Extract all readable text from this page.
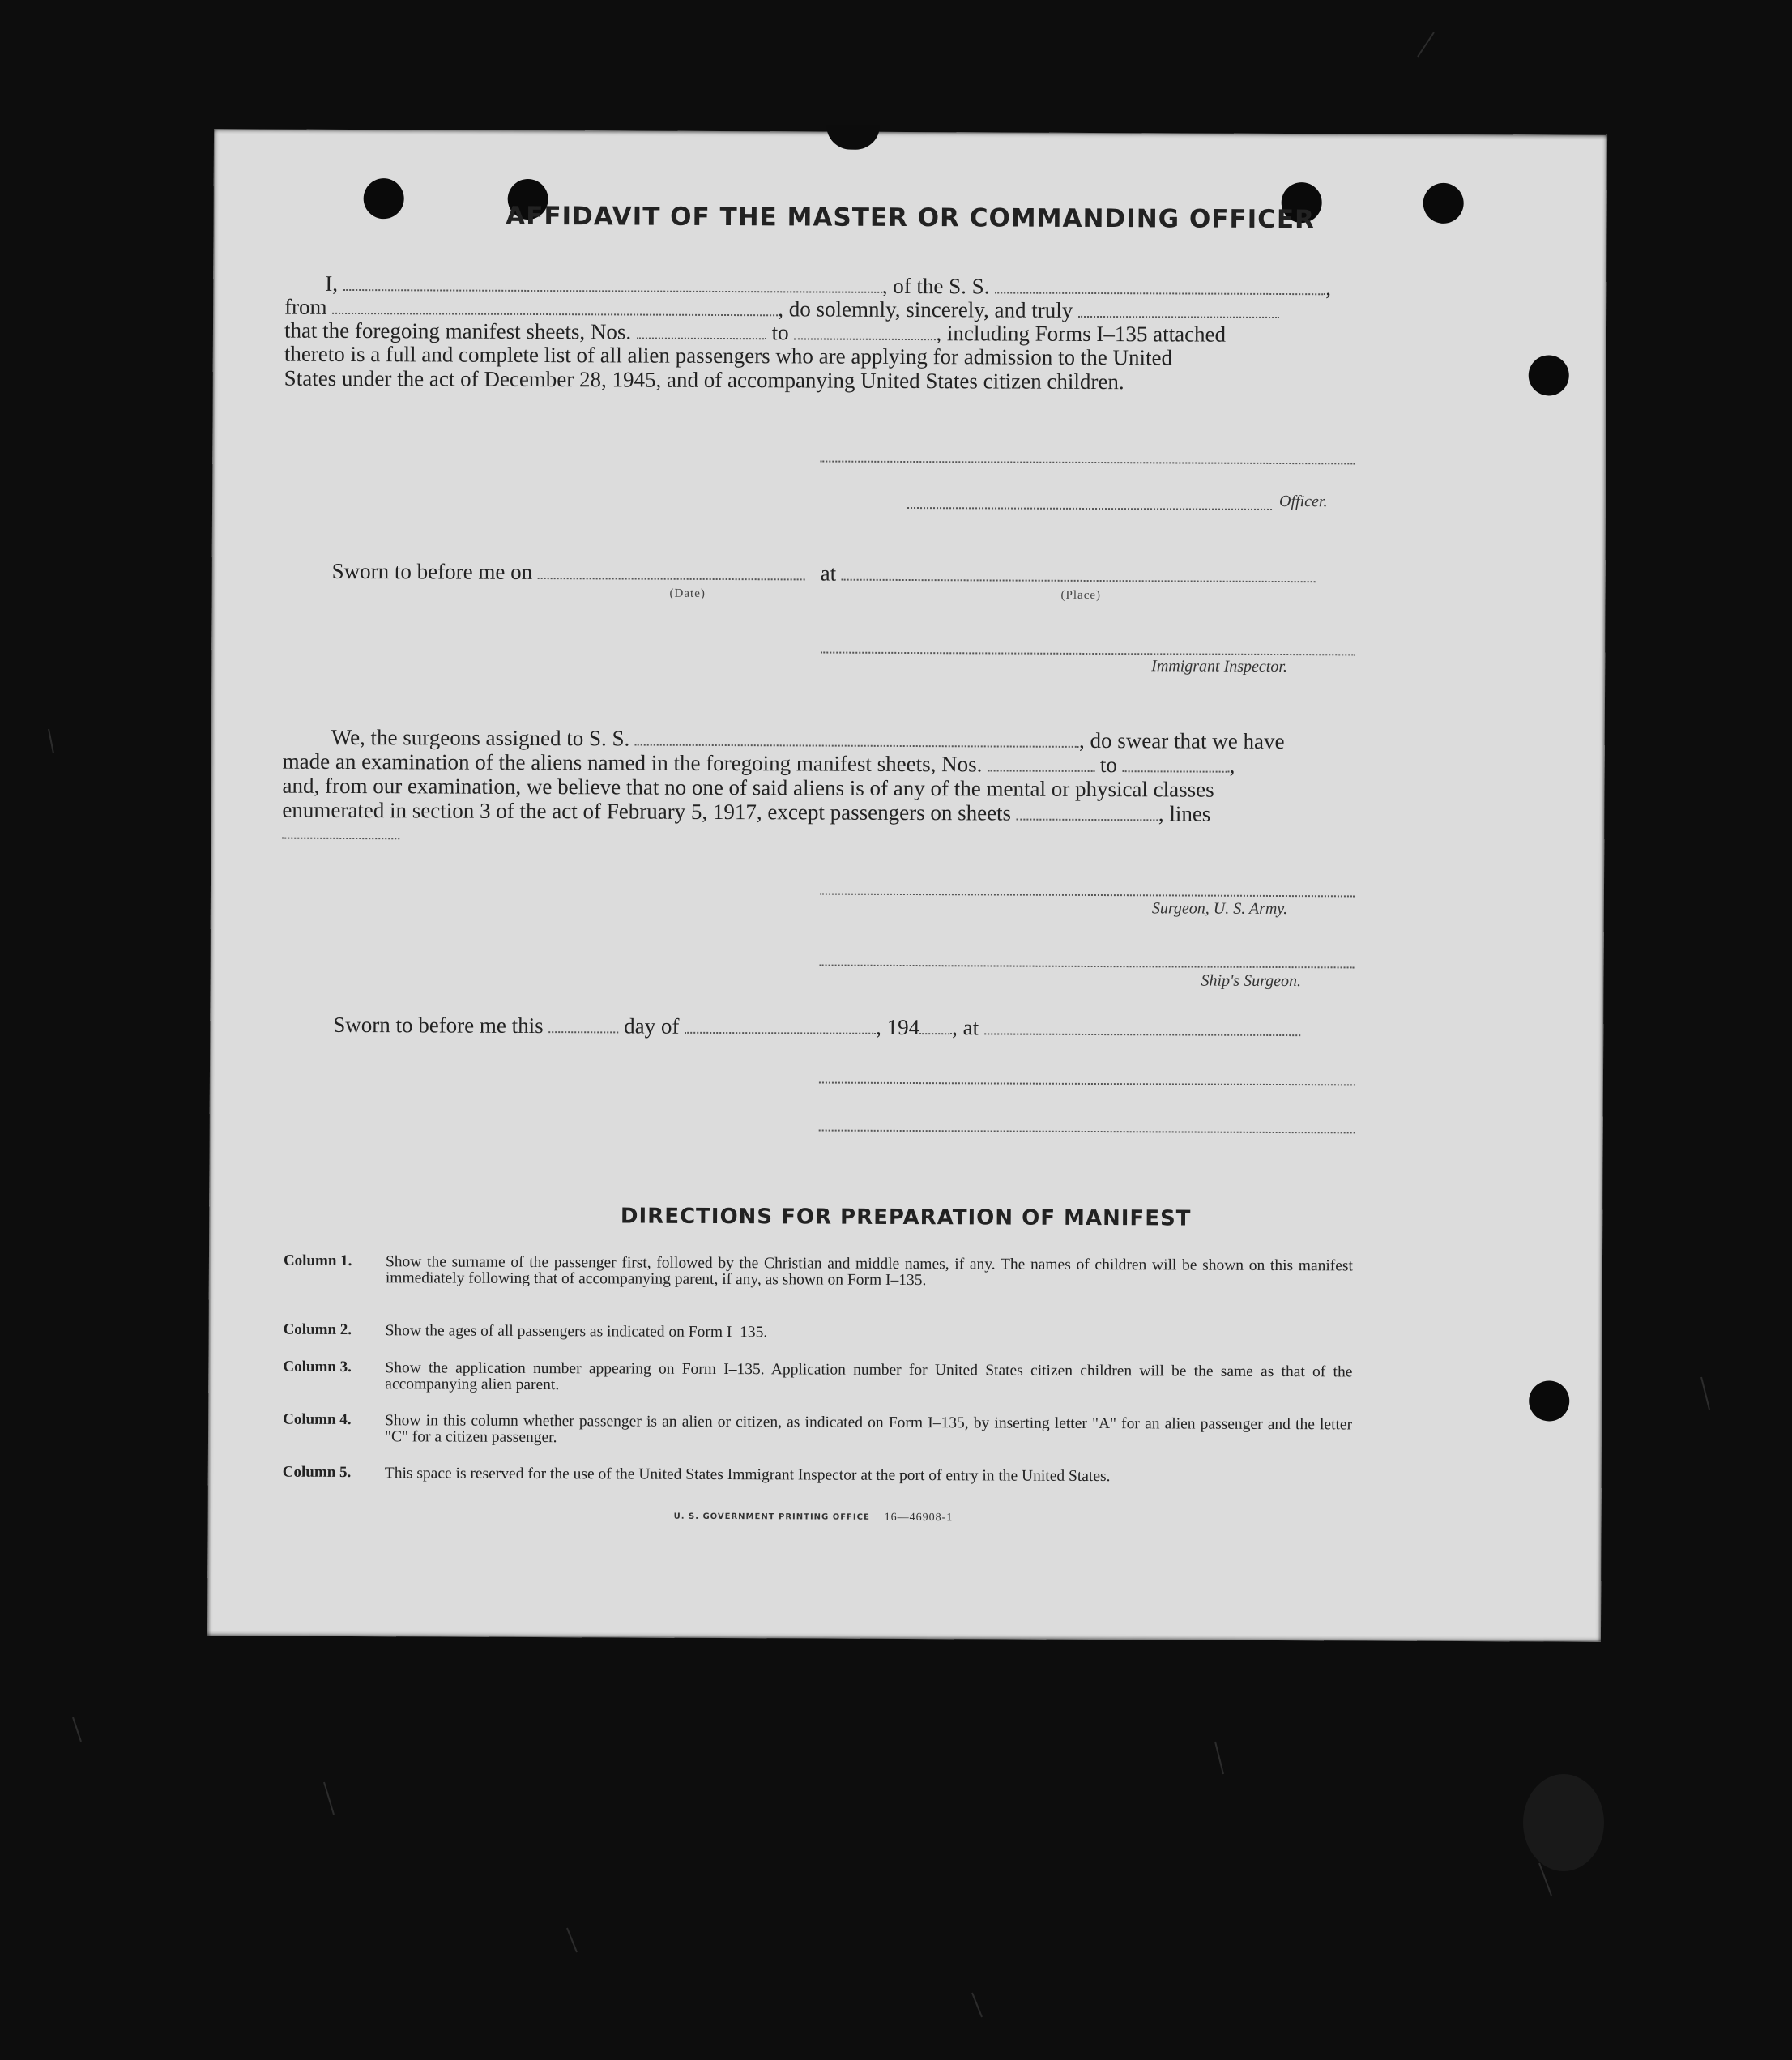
AFFIDAVIT OF THE MASTER OR COMMANDING OFFICER
I,	, of the S. S.	,
from	, do solemnly, sincerely, and truly
that the foregoing manifest sheets, Nos.	to	, including Forms I–135 attached
thereto is a full and complete list of all alien passengers who are applying for admission to the United
States under the act of December 28, 1945, and of accompanying United States citizen children.
Officer.
Sworn to before me on	at
(Date)	(Place)
Immigrant Inspector.
We, the surgeons assigned to S. S.	, do swear that we have
made an examination of the aliens named in the foregoing manifest sheets, Nos.	to	,
and, from our examination, we believe that no one of said aliens is of any of the mental or physical classes
enumerated in section 3 of the act of February 5, 1917, except passengers on sheets	, lines
Surgeon, U. S. Army.
Ship's Surgeon.
Sworn to before me this	day of	, 194 , at
DIRECTIONS FOR PREPARATION OF MANIFEST
Column 1. Show the surname of the passenger first, followed by the Christian and middle names, if any. The names of children will be shown on this manifest immediately following that of accompanying parent, if any, as shown on Form I–135.
Column 2. Show the ages of all passengers as indicated on Form I–135.
Column 3. Show the application number appearing on Form I–135. Application number for United States citizen children will be the same as that of the accompanying alien parent.
Column 4. Show in this column whether passenger is an alien or citizen, as indicated on Form I–135, by inserting letter "A" for an alien passenger and the letter "C" for a citizen passenger.
Column 5. This space is reserved for the use of the United States Immigrant Inspector at the port of entry in the United States.
U. S. GOVERNMENT PRINTING OFFICE 16—46908-1
